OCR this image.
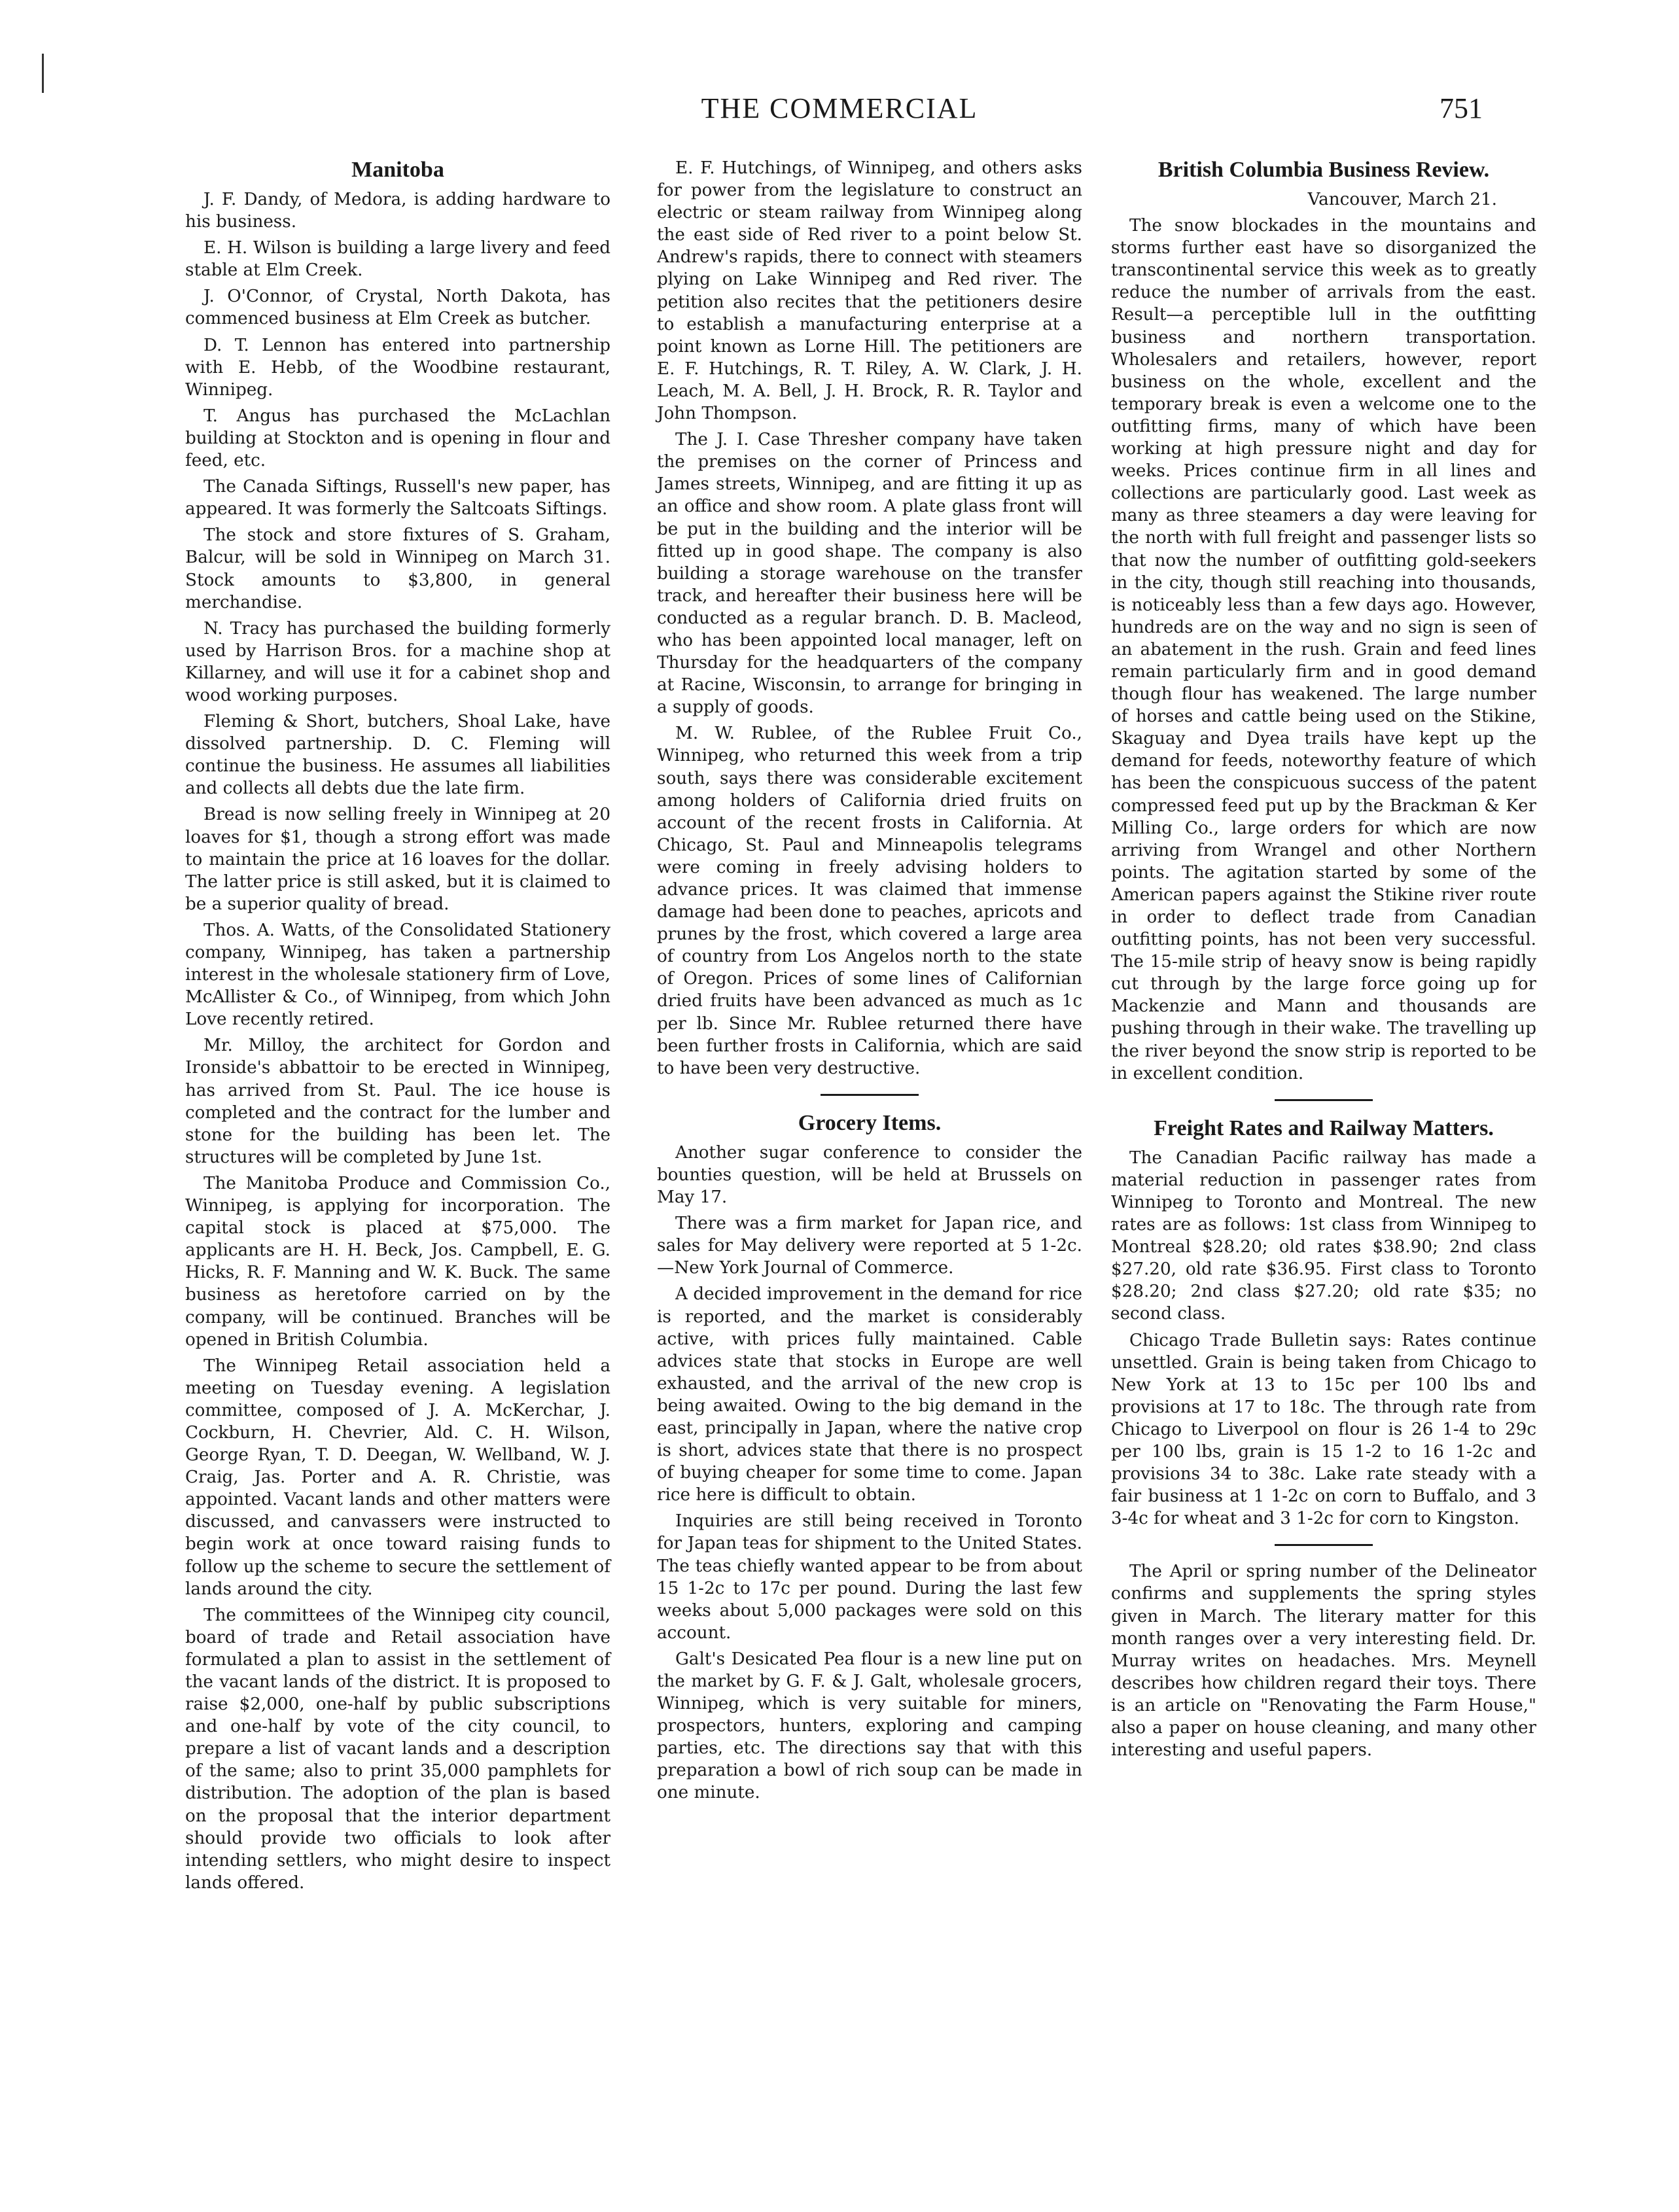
THE COMMERCIAL	751
Manitoba

J. F. Dandy, of Medora, is adding hardware to his business.

E. H. Wilson is building a large livery and feed stable at Elm Creek.

J. O'Connor, of Crystal, North Dakota, has commenced business at Elm Creek as butcher.

D. T. Lennon has entered into partnership with E. Hebb, of the Woodbine restaurant, Winnipeg.

T. Angus has purchased the McLachlan building at Stockton and is opening in flour and feed, etc.

The Canada Siftings, Russell's new paper, has appeared. It was formerly the Saltcoats Siftings.

The stock and store fixtures of S. Graham, Balcur, will be sold in Winnipeg on March 31. Stock amounts to $3,800, in general merchandise.

N. Tracy has purchased the building formerly used by Harrison Bros. for a machine shop at Killarney, and will use it for a cabinet shop and wood working purposes.

Fleming & Short, butchers, Shoal Lake, have dissolved partnership. D. C. Fleming will continue the business. He assumes all liabilities and collects all debts due the late firm.

Bread is now selling freely in Winnipeg at 20 loaves for $1, though a strong effort was made to maintain the price at 16 loaves for the dollar. The latter price is still asked, but it is claimed to be a superior quality of bread.

Thos. A. Watts, of the Consolidated Stationery company, Winnipeg, has taken a partnership interest in the wholesale stationery firm of Love, McAllister & Co., of Winnipeg, from which John Love recently retired.

Mr. Milloy, the architect for Gordon and Ironside's abbattoir to be erected in Winnipeg, has arrived from St. Paul. The ice house is completed and the contract for the lumber and stone for the building has been let. The structures will be completed by June 1st.

The Manitoba Produce and Commission Co., Winnipeg, is applying for incorporation. The capital stock is placed at $75,000. The applicants are H. H. Beck, Jos. Campbell, E. G. Hicks, R. F. Manning and W. K. Buck. The same business as heretofore carried on by the company, will be continued. Branches will be opened in British Columbia.

The Winnipeg Retail association held a meeting on Tuesday evening. A legislation committee, composed of J. A. McKerchar, J. Cockburn, H. Chevrier, Ald. C. H. Wilson, George Ryan, T. D. Deegan, W. Wellband, W. J. Craig, Jas. Porter and A. R. Christie, was appointed. Vacant lands and other matters were discussed, and canvassers were instructed to begin work at once toward raising funds to follow up the scheme to secure the settlement of lands around the city.

The committees of the Winnipeg city council, board of trade and Retail association have formulated a plan to assist in the settlement of the vacant lands of the district. It is proposed to raise $2,000, one-half by public subscriptions and one-half by vote of the city council, to prepare a list of vacant lands and a description of the same; also to print 35,000 pamphlets for distribution. The adoption of the plan is based on the proposal that the interior department should provide two officials to look after intending settlers, who might desire to inspect lands offered.

E. F. Hutchings, of Winnipeg, and others asks for power from the legislature to construct an electric or steam railway from Winnipeg along the east side of Red river to a point below St. Andrew's rapids, there to connect with steamers plying on Lake Winnipeg and Red river. The petition also recites that the petitioners desire to establish a manufacturing enterprise at a point known as Lorne Hill. The petitioners are E. F. Hutchings, R. T. Riley, A. W. Clark, J. H. Leach, M. A. Bell, J. H. Brock, R. R. Taylor and John Thompson.

The J. I. Case Thresher company have taken the premises on the corner of Princess and James streets, Winnipeg, and are fitting it up as an office and show room. A plate glass front will be put in the building and the interior will be fitted up in good shape. The company is also building a storage warehouse on the transfer track, and hereafter their business here will be conducted as a regular branch. D. B. Macleod, who has been appointed local manager, left on Thursday for the headquarters of the company at Racine, Wisconsin, to arrange for bringing in a supply of goods.

M. W. Rublee, of the Rublee Fruit Co., Winnipeg, who returned this week from a trip south, says there was considerable excitement among holders of California dried fruits on account of the recent frosts in California. At Chicago, St. Paul and Minneapolis telegrams were coming in freely advising holders to advance prices. It was claimed that immense damage had been done to peaches, apricots and prunes by the frost, which covered a large area of country from Los Angelos north to the state of Oregon. Prices of some lines of Californian dried fruits have been advanced as much as 1c per lb. Since Mr. Rublee returned there have been further frosts in California, which are said to have been very destructive.

Grocery Items.

Another sugar conference to consider the bounties question, will be held at Brussels on May 17.

There was a firm market for Japan rice, and sales for May delivery were reported at 5 1-2c.—New York Journal of Commerce.

A decided improvement in the demand for rice is reported, and the market is considerably active, with prices fully maintained. Cable advices state that stocks in Europe are well exhausted, and the arrival of the new crop is being awaited. Owing to the big demand in the east, principally in Japan, where the native crop is short, advices state that there is no prospect of buying cheaper for some time to come. Japan rice here is difficult to obtain.

Inquiries are still being received in Toronto for Japan teas for shipment to the United States. The teas chiefly wanted appear to be from about 15 1-2c to 17c per pound. During the last few weeks about 5,000 packages were sold on this account.

Galt's Desicated Pea flour is a new line put on the market by G. F. & J. Galt, wholesale grocers, Winnipeg, which is very suitable for miners, prospectors, hunters, exploring and camping parties, etc. The directions say that with this preparation a bowl of rich soup can be made in one minute.

British Columbia Business Review.

Vancouver, March 21.

The snow blockades in the mountains and storms further east have so disorganized the transcontinental service this week as to greatly reduce the number of arrivals from the east. Result—a perceptible lull in the outfitting business and northern transportation. Wholesalers and retailers, however, report business on the whole, excellent and the temporary break is even a welcome one to the outfitting firms, many of which have been working at high pressure night and day for weeks. Prices continue firm in all lines and collections are particularly good. Last week as many as three steamers a day were leaving for the north with full freight and passenger lists so that now the number of outfitting gold-seekers in the city, though still reaching into thousands, is noticeably less than a few days ago. However, hundreds are on the way and no sign is seen of an abatement in the rush. Grain and feed lines remain particularly firm and in good demand though flour has weakened. The large number of horses and cattle being used on the Stikine, Skaguay and Dyea trails have kept up the demand for feeds, noteworthy feature of which has been the conspicuous success of the patent compressed feed put up by the Brackman & Ker Milling Co., large orders for which are now arriving from Wrangel and other Northern points. The agitation started by some of the American papers against the Stikine river route in order to deflect trade from Canadian outfitting points, has not been very successful. The 15-mile strip of heavy snow is being rapidly cut through by the large force going up for Mackenzie and Mann and thousands are pushing through in their wake. The travelling up the river beyond the snow strip is reported to be in excellent condition.

Freight Rates and Railway Matters.

The Canadian Pacific railway has made a material reduction in passenger rates from Winnipeg to Toronto and Montreal. The new rates are as follows: 1st class from Winnipeg to Montreal $28.20; old rates $38.90; 2nd class $27.20, old rate $36.95. First class to Toronto $28.20; 2nd class $27.20; old rate $35; no second class.

Chicago Trade Bulletin says: Rates continue unsettled. Grain is being taken from Chicago to New York at 13 to 15c per 100 lbs and provisions at 17 to 18c. The through rate from Chicago to Liverpool on flour is 26 1-4 to 29c per 100 lbs, grain is 15 1-2 to 16 1-2c and provisions 34 to 38c. Lake rate steady with a fair business at 1 1-2c on corn to Buffalo, and 3 3-4c for wheat and 3 1-2c for corn to Kingston.

The April or spring number of the Delineator confirms and supplements the spring styles given in March. The literary matter for this month ranges over a very interesting field. Dr. Murray writes on headaches. Mrs. Meynell describes how children regard their toys. There is an article on "Renovating the Farm House," also a paper on house cleaning, and many other interesting and useful papers.
